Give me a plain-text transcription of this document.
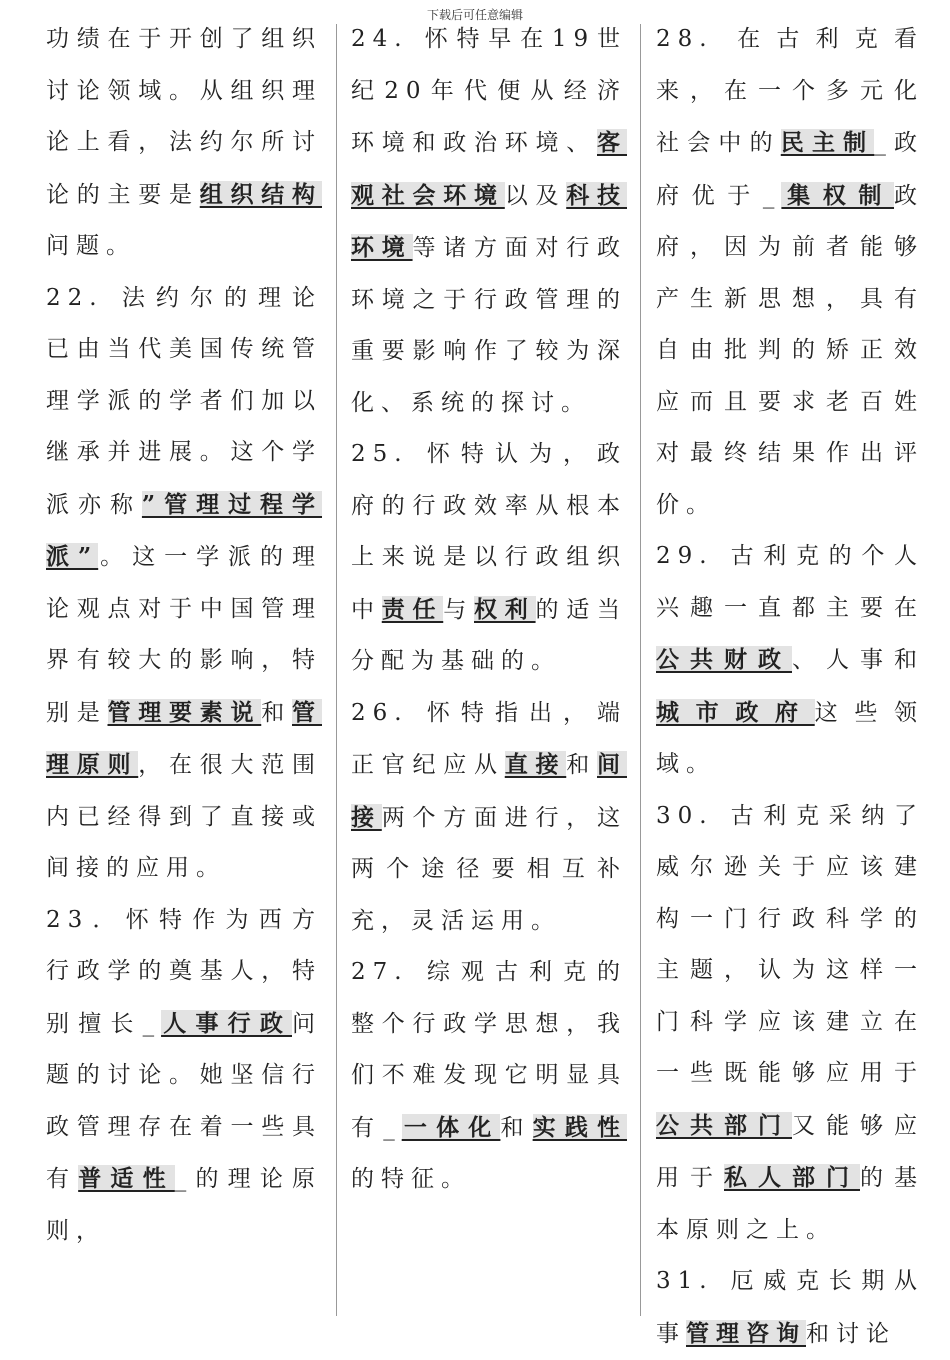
下载后可任意编辑

功绩在于开创了组织讨论领域。从组织理论上看，法约尔所讨论的主要是组织结构问题。

22. 法约尔的理论已由当代美国传统管理学派的学者们加以继承并进展。这个学派亦称”管理过程学派”。这一学派的理论观点对于中国管理界有较大的影响，特别是管理要素说和管理原则，在很大范围内已经得到了直接或间接的应用。

23．怀特作为西方行政学的奠基人，特别擅长_人事行政问题的讨论。她坚信行政管理存在着一些具有普适性_的理论原则，

24. 怀特早在19世纪20年代便从经济环境和政治环境、客观社会环境以及科技环境等诸方面对行政环境之于行政管理的重要影响作了较为深化、系统的探讨。

25. 怀特认为，政府的行政效率从根本上来说是以行政组织中责任与权利的适当分配为基础的。

26. 怀特指出，端正官纪应从直接和间接两个方面进行，这两个途径要相互补充，灵活运用。

27. 综观古利克的整个行政学思想，我们不难发现它明显具有_一体化和实践性的特征。

28. 在古利克看来，在一个多元化社会中的民主制_政府优于_集权制政府，因为前者能够产生新思想，具有自由批判的矫正效应而且要求老百姓对最终结果作出评价。

29. 古利克的个人兴趣一直都主要在公共财政、人事和城市政府这些领域。

30. 古利克采纳了威尔逊关于应该建构一门行政科学的主题，认为这样一门科学应该建立在一些既能够应用于公共部门又能够应用于私人部门的基本原则之上。

31. 厄威克长期从事管理咨询和讨论
